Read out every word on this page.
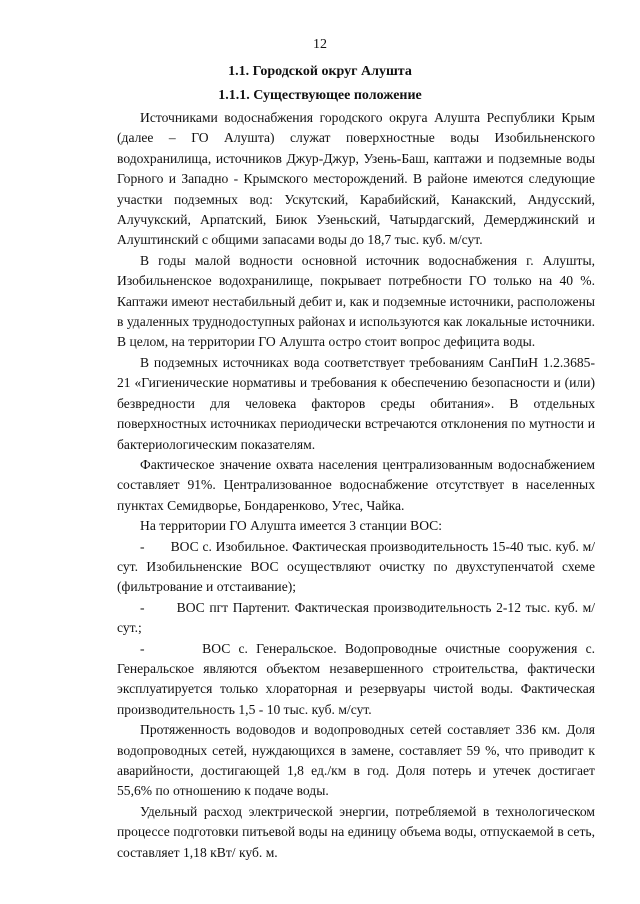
12
1.1. Городской округ Алушта
1.1.1. Существующее положение

Источниками водоснабжения городского округа Алушта Республики Крым (далее – ГО Алушта) служат поверхностные воды Изобильненского водохранилища, источников Джур-Джур, Узень-Баш, каптажи и подземные воды Горного и Западно - Крымского месторождений. В районе имеются следующие участки подземных вод: Ускутский, Карабийский, Канакский, Андусский, Алучукский, Арпатский, Биюк Узеньский, Чатырдагский, Демерджинский и Алуштинский с общими запасами воды до 18,7 тыс. куб. м/сут.

В годы малой водности основной источник водоснабжения г. Алушты, Изобильненское водохранилище, покрывает потребности ГО только на 40 %. Каптажи имеют нестабильный дебит и, как и подземные источники, расположены в удаленных труднодоступных районах и используются как локальные источники. В целом, на территории ГО Алушта остро стоит вопрос дефицита воды.

В подземных источниках вода соответствует требованиям СанПиН 1.2.3685-21 «Гигиенические нормативы и требования к обеспечению безопасности и (или) безвредности для человека факторов среды обитания». В отдельных поверхностных источниках периодически встречаются отклонения по мутности и бактериологическим показателям.

Фактическое значение охвата населения централизованным водоснабжением составляет 91%. Централизованное водоснабжение отсутствует в населенных пунктах Семидворье, Бондаренково, Утес, Чайка.

На территории ГО Алушта имеется 3 станции ВОС:

-       ВОС с. Изобильное. Фактическая производительность 15-40 тыс. куб. м/сут. Изобильненские ВОС осуществляют очистку по двухступенчатой схеме (фильтрование и отстаивание);

-       ВОС пгт Партенит. Фактическая производительность 2-12 тыс. куб. м/сут.;

-       ВОС с. Генеральское. Водопроводные очистные сооружения с. Генеральское являются объектом незавершенного строительства, фактически эксплуатируется только хлораторная и резервуары чистой воды. Фактическая производительность 1,5 - 10 тыс. куб. м/сут.

Протяженность водоводов и водопроводных сетей составляет 336 км. Доля водопроводных сетей, нуждающихся в замене, составляет 59 %, что приводит к аварийности, достигающей 1,8 ед./км в год. Доля потерь и утечек достигает 55,6% по отношению к подаче воды.

Удельный расход электрической энергии, потребляемой в технологическом процессе подготовки питьевой воды на единицу объема воды, отпускаемой в сеть, составляет 1,18 кВт/ куб. м.
